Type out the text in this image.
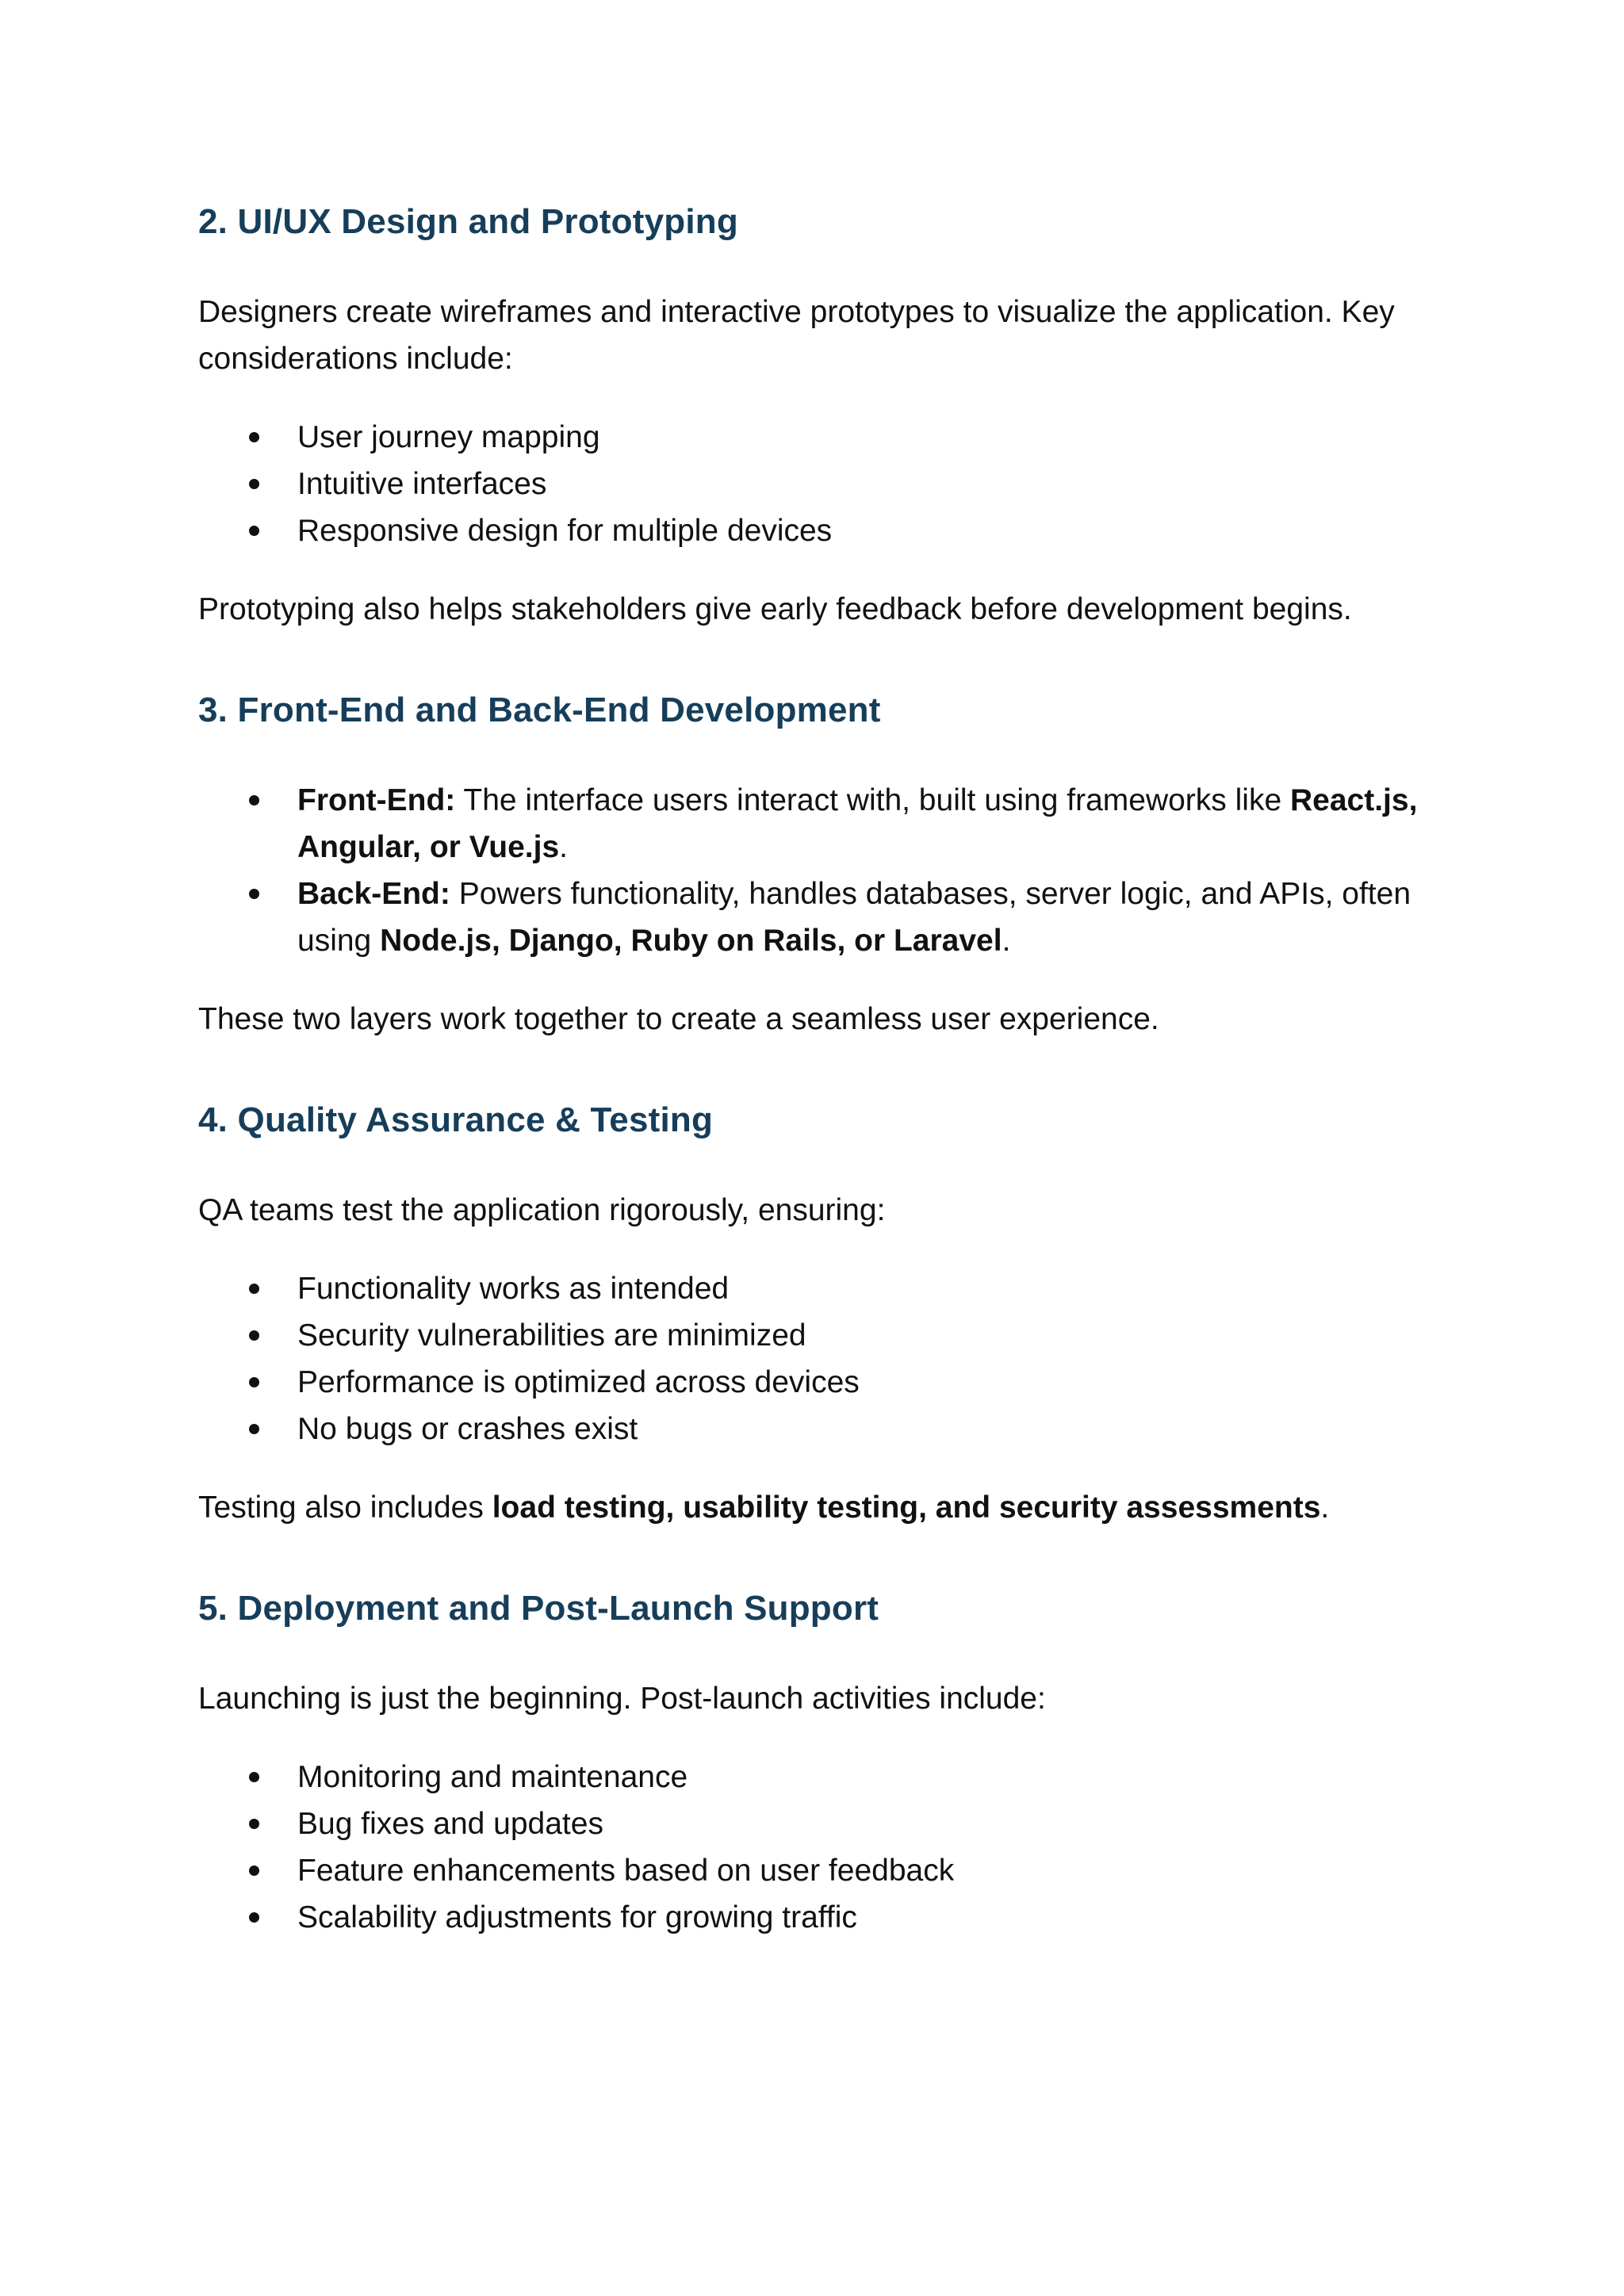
2. UI/UX Design and Prototyping

Designers create wireframes and interactive prototypes to visualize the application. Key considerations include:

User journey mapping
Intuitive interfaces
Responsive design for multiple devices

Prototyping also helps stakeholders give early feedback before development begins.

3. Front-End and Back-End Development
Front-End: The interface users interact with, built using frameworks like React.js, Angular, or Vue.js.
Back-End: Powers functionality, handles databases, server logic, and APIs, often using Node.js, Django, Ruby on Rails, or Laravel.

These two layers work together to create a seamless user experience.

4. Quality Assurance & Testing

QA teams test the application rigorously, ensuring:

Functionality works as intended
Security vulnerabilities are minimized
Performance is optimized across devices
No bugs or crashes exist

Testing also includes load testing, usability testing, and security assessments.

5. Deployment and Post-Launch Support

Launching is just the beginning. Post-launch activities include:

Monitoring and maintenance
Bug fixes and updates
Feature enhancements based on user feedback
Scalability adjustments for growing traffic
